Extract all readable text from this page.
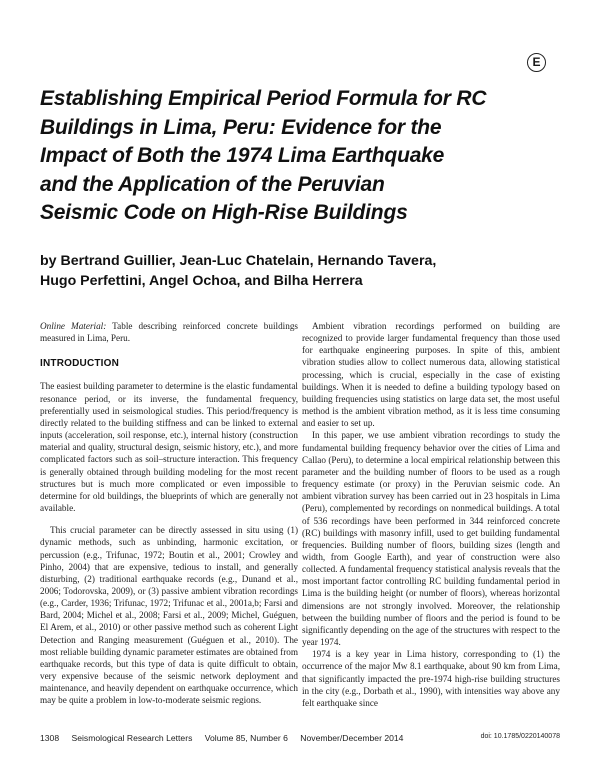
E
Establishing Empirical Period Formula for RC
Buildings in Lima, Peru: Evidence for the
Impact of Both the 1974 Lima Earthquake
and the Application of the Peruvian
Seismic Code on High-Rise Buildings
by Bertrand Guillier, Jean-Luc Chatelain, Hernando Tavera,
Hugo Perfettini, Angel Ochoa, and Bilha Herrera

Online Material: Table describing reinforced concrete buildings measured in Lima, Peru.

INTRODUCTION

The easiest building parameter to determine is the elastic fundamental resonance period, or its inverse, the fundamental frequency, preferentially used in seismological studies. This period/frequency is directly related to the building stiffness and can be linked to external inputs (acceleration, soil response, etc.), internal history (construction material and quality, structural design, seismic history, etc.), and more complicated factors such as soil–structure interaction. This frequency is generally obtained through building modeling for the most recent structures but is much more complicated or even impossible to determine for old buildings, the blueprints of which are generally not available.

This crucial parameter can be directly assessed in situ using (1) dynamic methods, such as unbinding, harmonic excitation, or percussion (e.g., Trifunac, 1972; Boutin et al., 2001; Crowley and Pinho, 2004) that are expensive, tedious to install, and generally disturbing, (2) traditional earthquake records (e.g., Dunand et al., 2006; Todorovska, 2009), or (3) passive ambient vibration recordings (e.g., Carder, 1936; Trifunac, 1972; Trifunac et al., 2001a,b; Farsi and Bard, 2004; Michel et al., 2008; Farsi et al., 2009; Michel, Guéguen, El Arem, et al., 2010) or other passive method such as coherent Light Detection and Ranging measurement (Guéguen et al., 2010). The most reliable building dynamic parameter estimates are obtained from earthquake records, but this type of data is quite difficult to obtain, very expensive because of the seismic network deployment and maintenance, and heavily dependent on earthquake occurrence, which may be quite a problem in low-to-moderate seismic regions.

Ambient vibration recordings performed on building are recognized to provide larger fundamental frequency than those used for earthquake engineering purposes. In spite of this, ambient vibration studies allow to collect numerous data, allowing statistical processing, which is crucial, especially in the case of existing buildings. When it is needed to define a building typology based on building frequencies using statistics on large data set, the most useful method is the ambient vibration method, as it is less time consuming and easier to set up.

In this paper, we use ambient vibration recordings to study the fundamental building frequency behavior over the cities of Lima and Callao (Peru), to determine a local empirical relationship between this parameter and the building number of floors to be used as a rough frequency estimate (or proxy) in the Peruvian seismic code. An ambient vibration survey has been carried out in 23 hospitals in Lima (Peru), complemented by recordings on nonmedical buildings. A total of 536 recordings have been performed in 344 reinforced concrete (RC) buildings with masonry infill, used to get building fundamental frequencies. Building number of floors, building sizes (length and width, from Google Earth), and year of construction were also collected. A fundamental frequency statistical analysis reveals that the most important factor controlling RC building fundamental period in Lima is the building height (or number of floors), whereas horizontal dimensions are not strongly involved. Moreover, the relationship between the building number of floors and the period is found to be significantly depending on the age of the structures with respect to the year 1974.

1974 is a key year in Lima history, corresponding to (1) the occurrence of the major Mw 8.1 earthquake, about 90 km from Lima, that significantly impacted the pre-1974 high-rise building structures in the city (e.g., Dorbath et al., 1990), with intensities way above any felt earthquake since

1308 Seismological Research Letters Volume 85, Number 6 November/December 2014	doi: 10.1785/0220140078
